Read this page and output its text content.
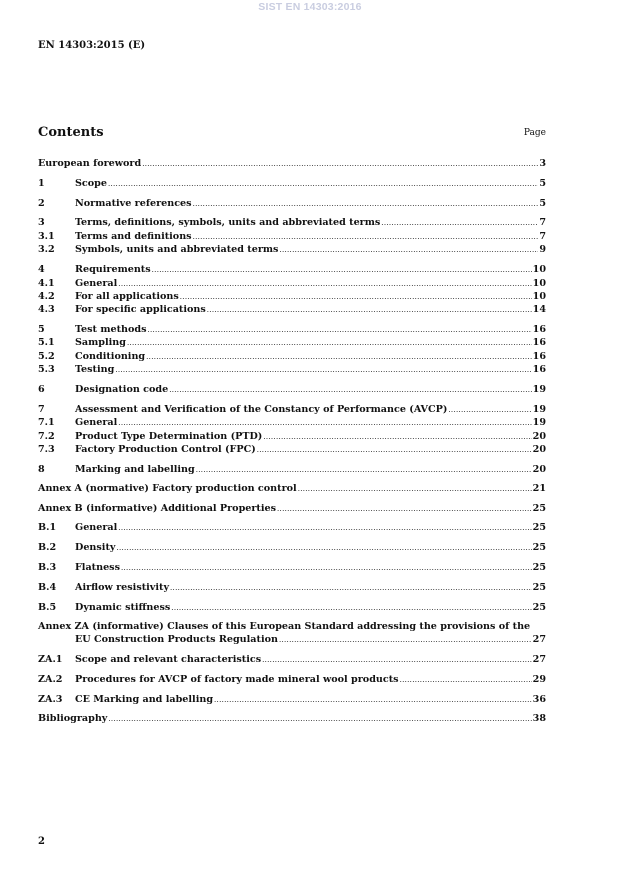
SIST EN 14303:2016
EN 14303:2015 (E)
Contents	Page
European foreword .....	3
1	Scope .....	5
2	Normative references .....	5
3	Terms, definitions, symbols, units and abbreviated terms .....	7
3.1 Terms and definitions .....	7
3.2 Symbols, units and abbreviated terms .....	9
4	Requirements .....	10
4.1 General .....	10
4.2 For all applications .....	10
4.3 For specific applications .....	14
5	Test methods .....	16
5.1 Sampling .....	16
5.2 Conditioning .....	16
5.3 Testing .....	16
6	Designation code .....	19
7	Assessment and Verification of the Constancy of Performance (AVCP) .....	19
7.1 General .....	19
7.2 Product Type Determination (PTD) .....	20
7.3 Factory Production Control (FPC) .....	20
8	Marking and labelling .....	20
Annex A (normative) Factory production control .....	21
Annex B (informative) Additional Properties .....	25
B.1 General .....	25
B.2 Density .....	25
B.3 Flatness .....	25
B.4 Airflow resistivity .....	25
B.5 Dynamic stiffness .....	25
Annex ZA (informative) Clauses of this European Standard addressing the provisions of the
EU Construction Products Regulation .....	27
ZA.1 Scope and relevant characteristics .....	27
ZA.2 Procedures for AVCP of factory made mineral wool products .....	29
ZA.3 CE Marking and labelling .....	36
Bibliography .....	38
2
